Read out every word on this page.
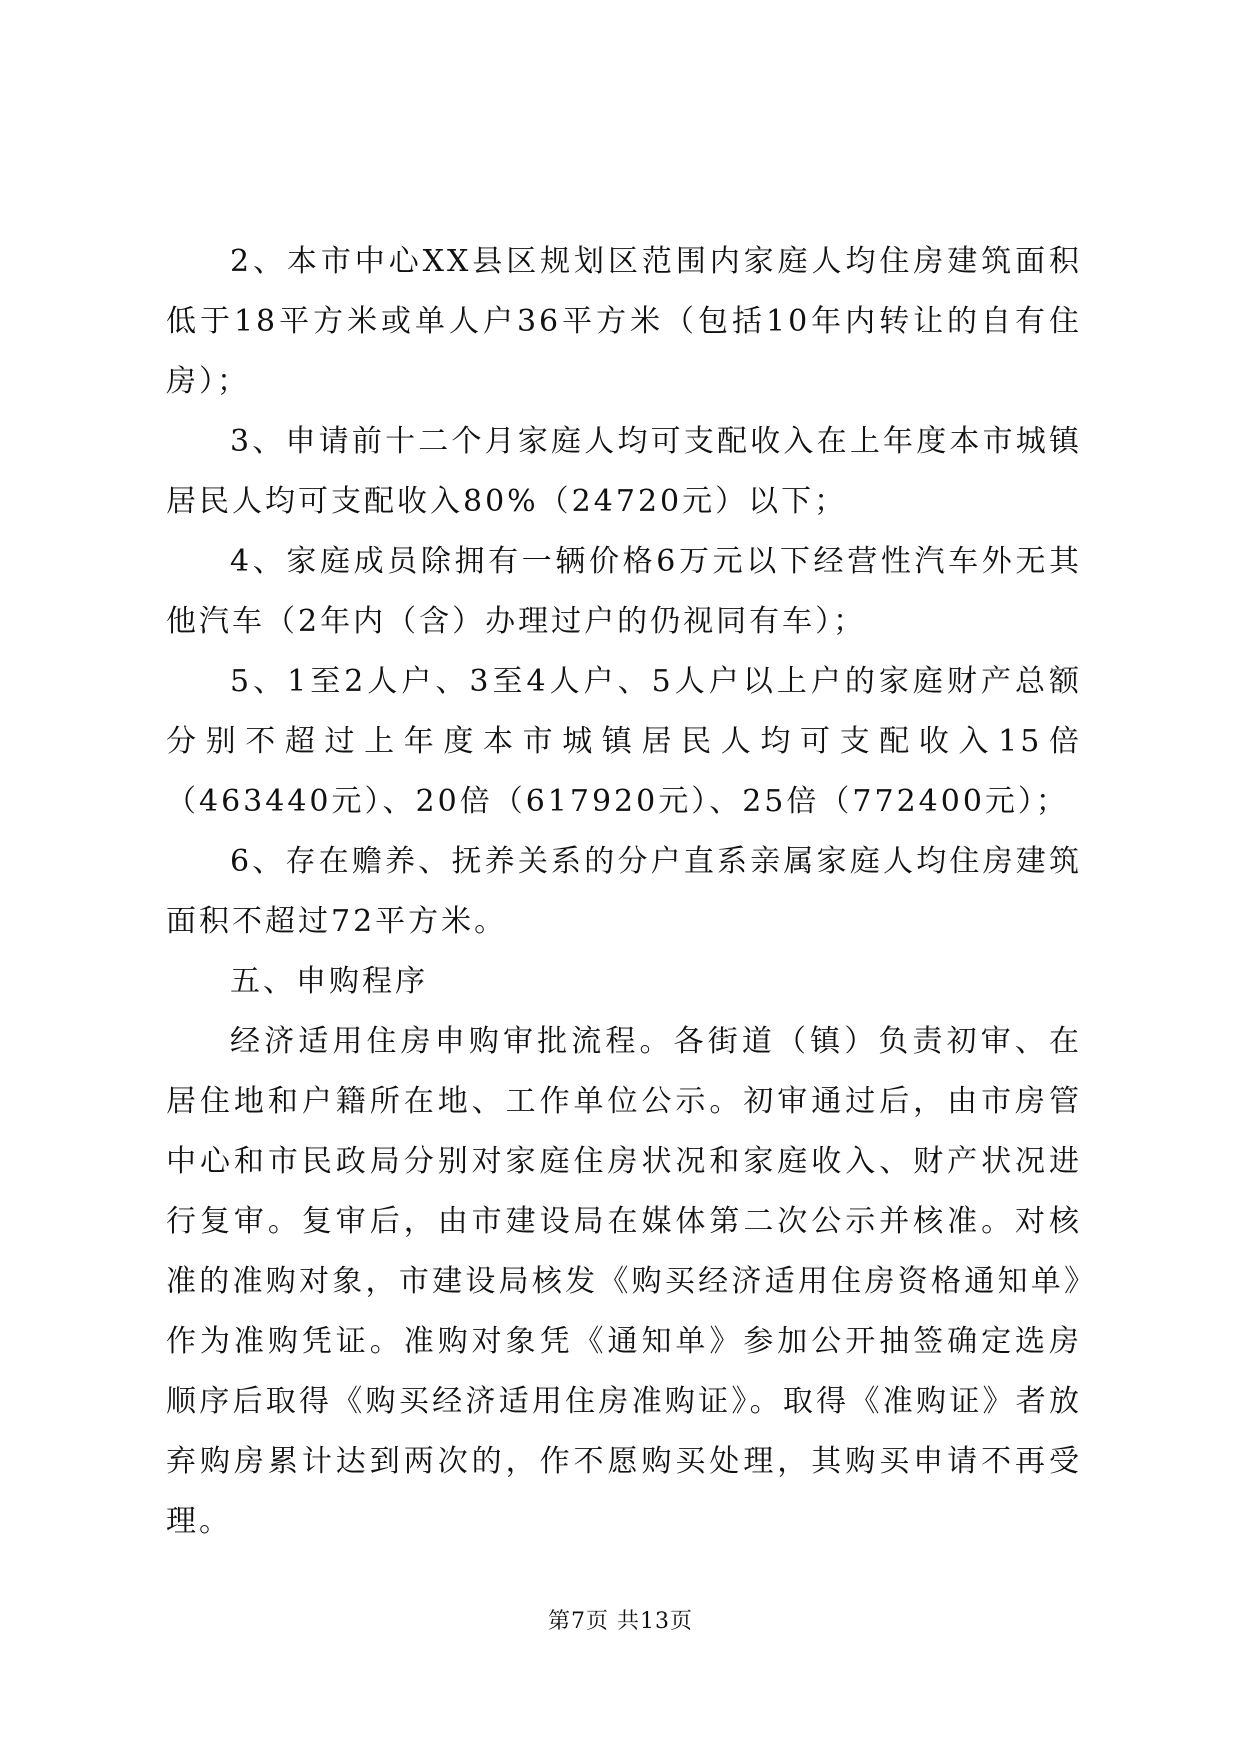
2、本市中心XX县区规划区范围内家庭人均住房建筑面积低于18平方米或单人户36平方米（包括10年内转让的自有住房）；

3、申请前十二个月家庭人均可支配收入在上年度本市城镇居民人均可支配收入80%（24720元）以下；

4、家庭成员除拥有一辆价格6万元以下经营性汽车外无其他汽车（2年内（含）办理过户的仍视同有车）；

5、1至2人户、3至4人户、5人户以上户的家庭财产总额分别不超过上年度本市城镇居民人均可支配收入15倍（463440元）、20倍（617920元）、25倍（772400元）；

6、存在赡养、抚养关系的分户直系亲属家庭人均住房建筑面积不超过72平方米。

五、申购程序

经济适用住房申购审批流程。各街道（镇）负责初审、在居住地和户籍所在地、工作单位公示。初审通过后，由市房管中心和市民政局分别对家庭住房状况和家庭收入、财产状况进行复审。复审后，由市建设局在媒体第二次公示并核准。对核准的准购对象，市建设局核发《购买经济适用住房资格通知单》作为准购凭证。准购对象凭《通知单》参加公开抽签确定选房顺序后取得《购买经济适用住房准购证》。取得《准购证》者放弃购房累计达到两次的，作不愿购买处理，其购买申请不再受理。

第7页 共13页
